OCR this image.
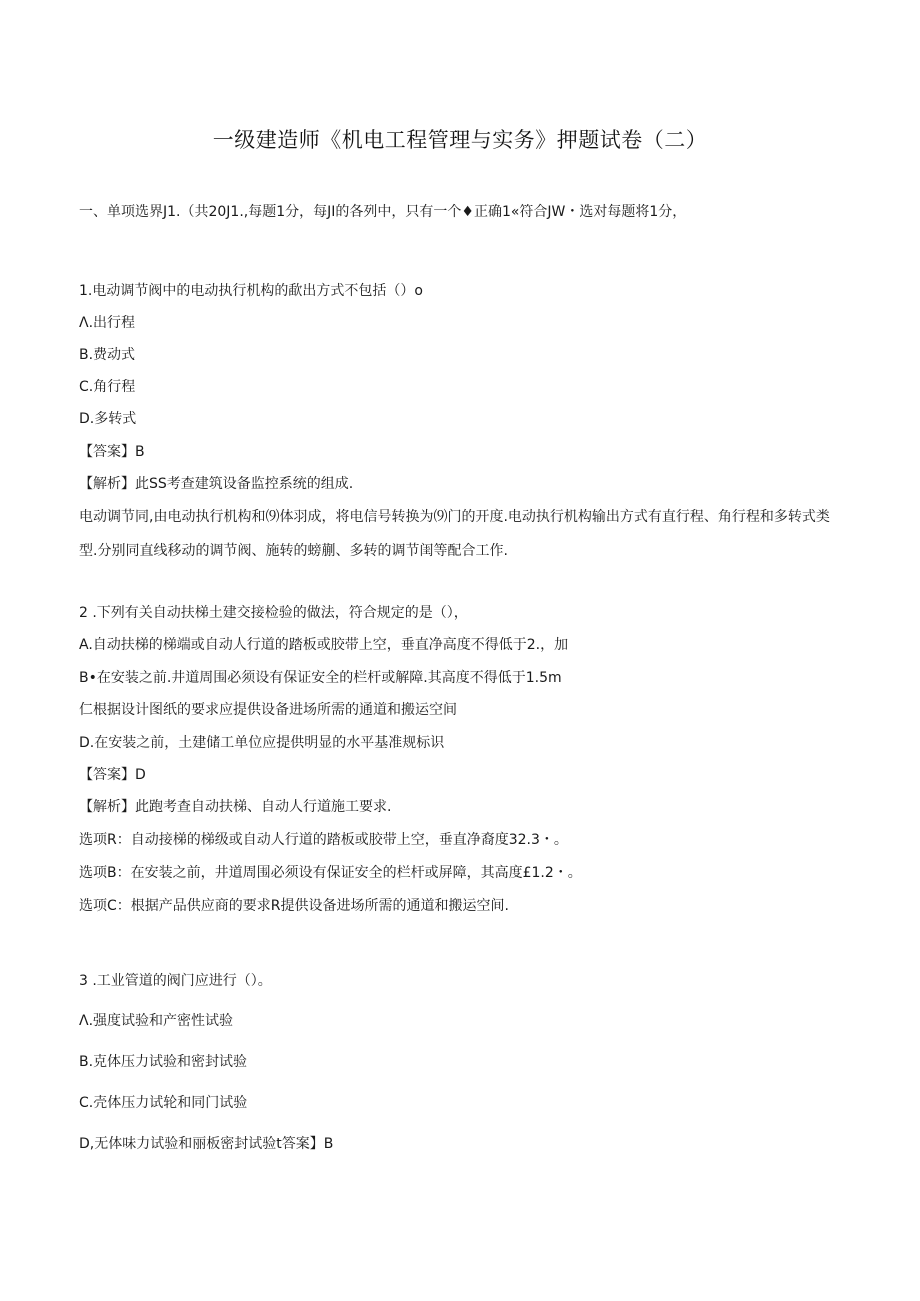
一级建造师《机电工程管理与实务》押题试卷（二）
一、单项选界J1.（共20J1.,每题1分，每JI的各列中，只有一个♦正确1«符合JW・选对每题将1分，
1.电动调节阀中的电动执行机构的歃出方式不包括（）o
Λ.出行程
B.费动式
C.角行程
D.多转式
【答案】B
【解析】此SS考查建筑设备监控系统的组成.
电动调节同,由电动执行机构和⑼体羽成，将电信号转换为⑼门的开度.电动执行机构输出方式有直行程、角行程和多转式类型.分别同直线移动的调节阀、施转的螃蒯、多转的调节闺等配合工作.
2 .下列有关自动扶梯土建交接检验的做法，符合规定的是（），
A.自动扶梯的梯端或自动人行道的踏板或胶带上空，垂直净高度不得低于2.，加
B•在安装之前.井道周围必须设有保证安全的栏杆或解障.其高度不得低于1.5m
仁根据设计图纸的要求应提供设备进场所需的通道和搬运空间
D.在安装之前，土建储工单位应提供明显的水平基准规标识
【答案】D
【解析】此跑考查自动扶梯、自动人行道施工要求.
选项R：自动接梯的梯级或自动人行道的踏板或胶带上空，垂直净裔度32.3・。
选项B：在安装之前，井道周围必须设有保证安全的栏杆或屏障，其高度£1.2・。
选项C：根据产品供应商的要求R提供设备进场所需的通道和搬运空间.
3 .工业管道的阀门应进行（）。
Λ.强度试验和产密性试验
B.克体压力试验和密封试验
C.壳体压力试轮和同门试验
D,无体味力试验和丽板密封试验t答案】B
